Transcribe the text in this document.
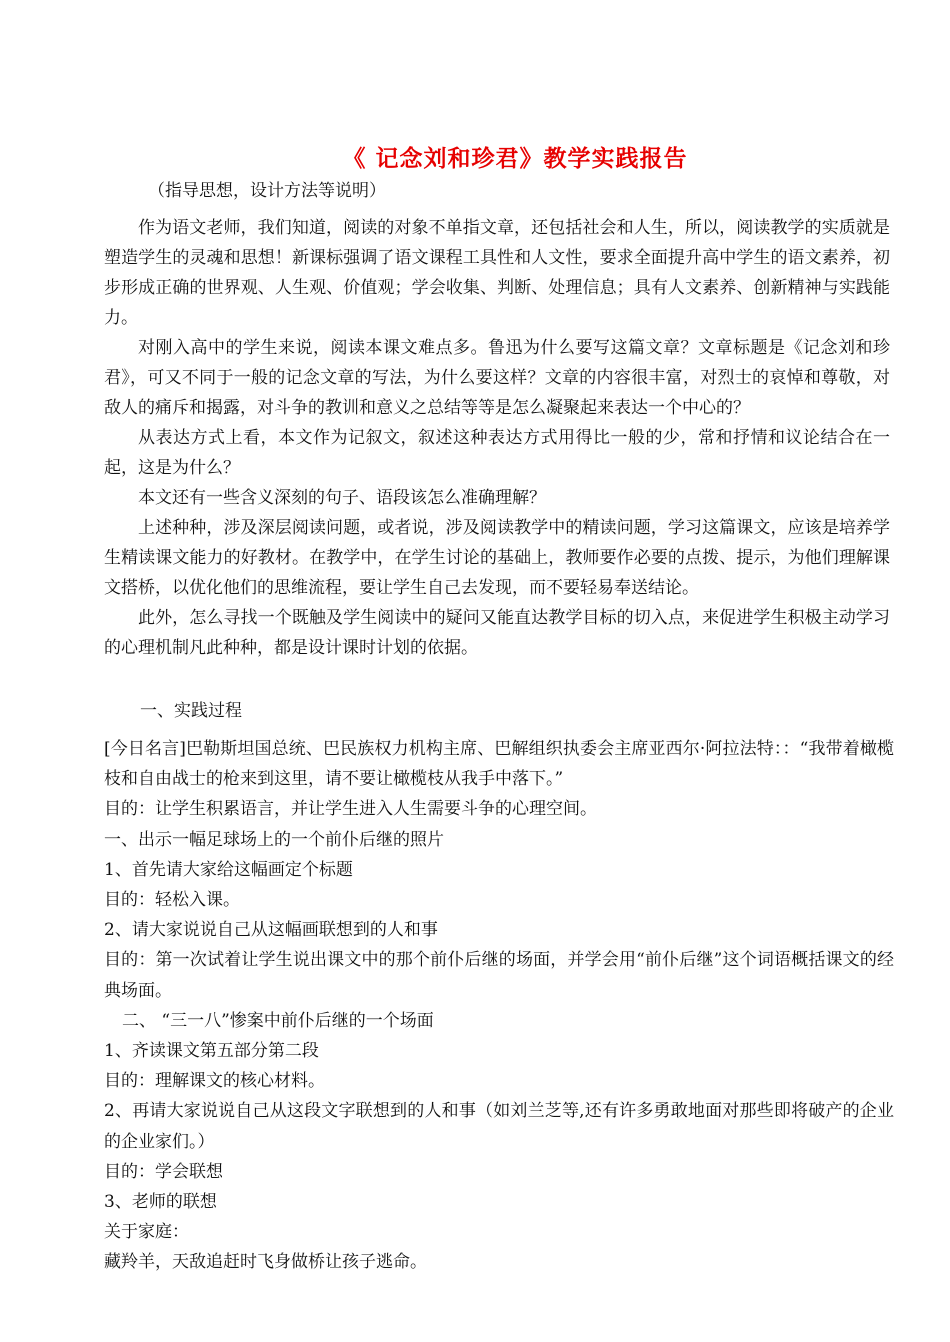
《 记念刘和珍君》教学实践报告
（指导思想，设计方法等说明）

作为语文老师，我们知道，阅读的对象不单指文章，还包括社会和人生，所以，阅读教学的实质就是塑造学生的灵魂和思想！新课标强调了语文课程工具性和人文性，要求全面提升高中学生的语文素养，初步形成正确的世界观、人生观、价值观；学会收集、判断、处理信息；具有人文素养、创新精神与实践能力。

对刚入高中的学生来说，阅读本课文难点多。鲁迅为什么要写这篇文章？文章标题是《记念刘和珍君》，可又不同于一般的记念文章的写法，为什么要这样？文章的内容很丰富，对烈士的哀悼和尊敬，对敌人的痛斥和揭露，对斗争的教训和意义之总结等等是怎么凝聚起来表达一个中心的？

从表达方式上看，本文作为记叙文，叙述这种表达方式用得比一般的少，常和抒情和议论结合在一起，这是为什么？

本文还有一些含义深刻的句子、语段该怎么准确理解？

上述种种，涉及深层阅读问题，或者说，涉及阅读教学中的精读问题，学习这篇课文，应该是培养学生精读课文能力的好教材。在教学中，在学生讨论的基础上，教师要作必要的点拨、提示，为他们理解课文搭桥，以优化他们的思维流程，要让学生自己去发现，而不要轻易奉送结论。

此外，怎么寻找一个既触及学生阅读中的疑问又能直达教学目标的切入点，来促进学生积极主动学习的心理机制凡此种种，都是设计课时计划的依据。

一、实践过程

[今日名言]巴勒斯坦国总统、巴民族权力机构主席、巴解组织执委会主席亚西尔·阿拉法特：：“我带着橄榄枝和自由战士的枪来到这里，请不要让橄榄枝从我手中落下。”

目的：让学生积累语言，并让学生进入人生需要斗争的心理空间。

一、出示一幅足球场上的一个前仆后继的照片

1、首先请大家给这幅画定个标题

目的：轻松入课。

2、请大家说说自己从这幅画联想到的人和事

目的：第一次试着让学生说出课文中的那个前仆后继的场面，并学会用“前仆后继”这个词语概括课文的经典场面。

二、 “三一八”惨案中前仆后继的一个场面

1、齐读课文第五部分第二段

目的：理解课文的核心材料。

2、再请大家说说自己从这段文字联想到的人和事（如刘兰芝等,还有许多勇敢地面对那些即将破产的企业的企业家们。）

目的：学会联想

3、老师的联想

关于家庭：

藏羚羊，天敌追赶时飞身做桥让孩子逃命。
